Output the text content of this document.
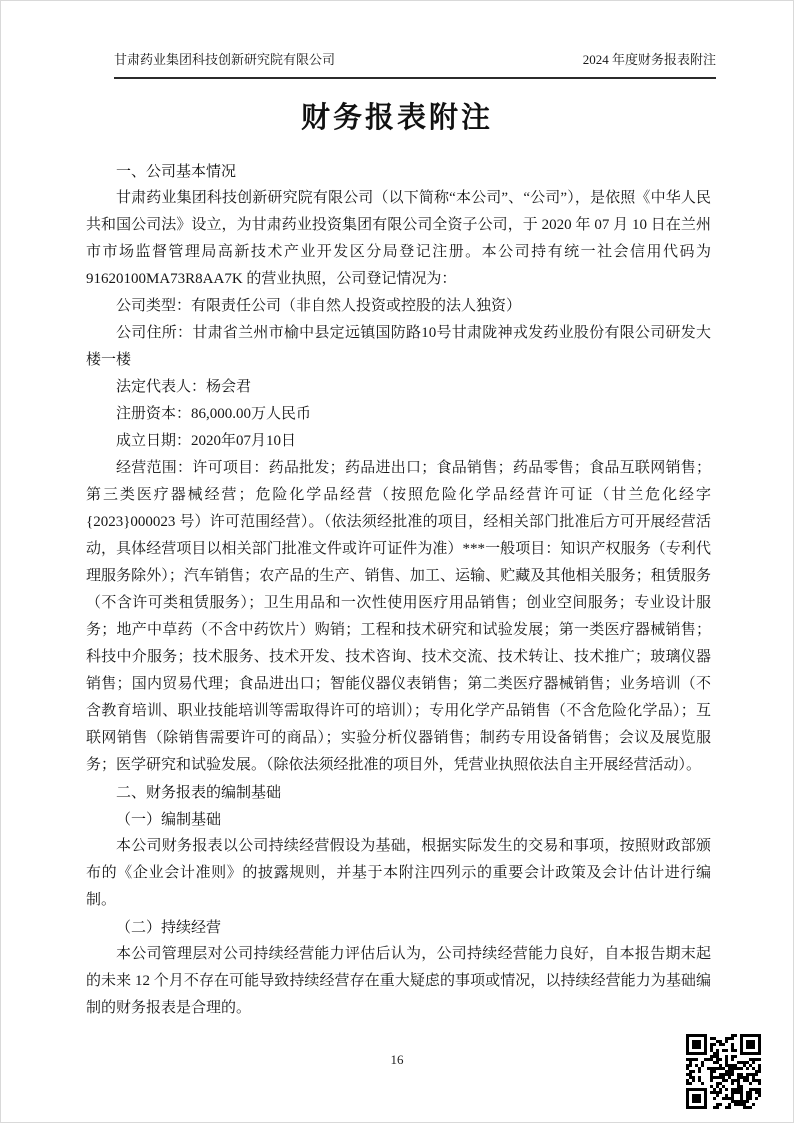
甘肃药业集团科技创新研究院有限公司	2024 年度财务报表附注
财务报表附注
一、公司基本情况

甘肃药业集团科技创新研究院有限公司（以下简称“本公司”、“公司”），是依照《中华人民共和国公司法》设立，为甘肃药业投资集团有限公司全资子公司，于 2020 年 07 月 10 日在兰州市市场监督管理局高新技术产业开发区分局登记注册。本公司持有统一社会信用代码为 91620100MA73R8AA7K 的营业执照，公司登记情况为：

公司类型：有限责任公司（非自然人投资或控股的法人独资）

公司住所：甘肃省兰州市榆中县定远镇国防路10号甘肃陇神戎发药业股份有限公司研发大楼一楼

法定代表人：杨会君

注册资本：86,000.00万人民币

成立日期：2020年07月10日

经营范围：许可项目：药品批发；药品进出口；食品销售；药品零售；食品互联网销售；第三类医疗器械经营；危险化学品经营（按照危险化学品经营许可证（甘兰危化经字{2023}000023 号）许可范围经营）。（依法须经批准的项目，经相关部门批准后方可开展经营活动，具体经营项目以相关部门批准文件或许可证件为准）***一般项目：知识产权服务（专利代理服务除外）；汽车销售；农产品的生产、销售、加工、运输、贮藏及其他相关服务；租赁服务（不含许可类租赁服务）；卫生用品和一次性使用医疗用品销售；创业空间服务；专业设计服务；地产中草药（不含中药饮片）购销；工程和技术研究和试验发展；第一类医疗器械销售；科技中介服务；技术服务、技术开发、技术咨询、技术交流、技术转让、技术推广；玻璃仪器销售；国内贸易代理；食品进出口；智能仪器仪表销售；第二类医疗器械销售；业务培训（不含教育培训、职业技能培训等需取得许可的培训）；专用化学产品销售（不含危险化学品）；互联网销售（除销售需要许可的商品）；实验分析仪器销售；制药专用设备销售；会议及展览服务；医学研究和试验发展。（除依法须经批准的项目外，凭营业执照依法自主开展经营活动）。

二、财务报表的编制基础
（一）编制基础

本公司财务报表以公司持续经营假设为基础，根据实际发生的交易和事项，按照财政部颁布的《企业会计准则》的披露规则，并基于本附注四列示的重要会计政策及会计估计进行编制。

（二）持续经营

本公司管理层对公司持续经营能力评估后认为，公司持续经营能力良好，自本报告期末起的未来 12 个月不存在可能导致持续经营存在重大疑虑的事项或情况，以持续经营能力为基础编制的财务报表是合理的。

16
